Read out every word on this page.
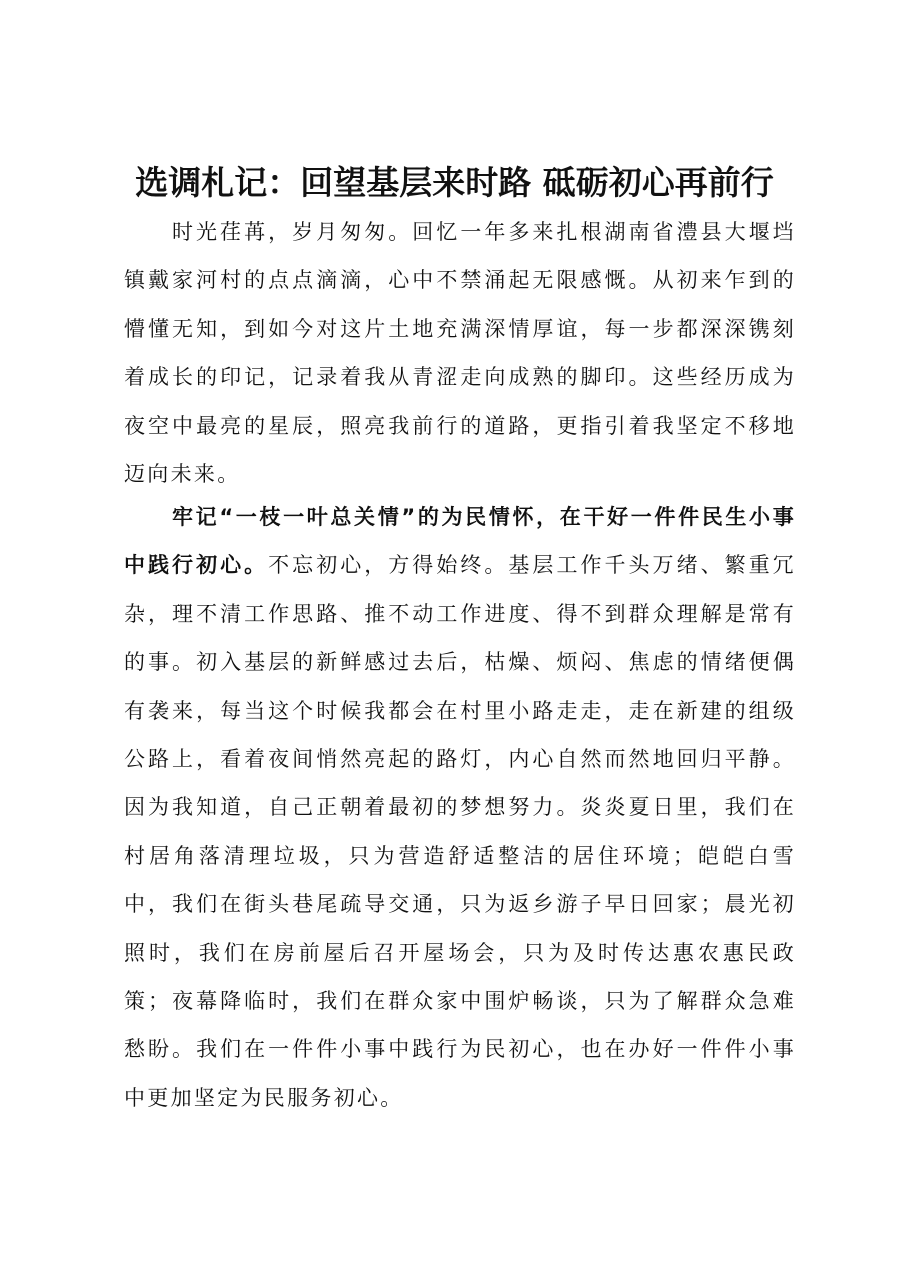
选调札记：回望基层来时路 砥砺初心再前行

时光荏苒，岁月匆匆。回忆一年多来扎根湖南省澧县大堰垱镇戴家河村的点点滴滴，心中不禁涌起无限感慨。从初来乍到的懵懂无知，到如今对这片土地充满深情厚谊，每一步都深深镌刻着成长的印记，记录着我从青涩走向成熟的脚印。这些经历成为夜空中最亮的星辰，照亮我前行的道路，更指引着我坚定不移地迈向未来。

牢记“一枝一叶总关情”的为民情怀，在干好一件件民生小事中践行初心。不忘初心，方得始终。基层工作千头万绪、繁重冗杂，理不清工作思路、推不动工作进度、得不到群众理解是常有的事。初入基层的新鲜感过去后，枯燥、烦闷、焦虑的情绪便偶有袭来，每当这个时候我都会在村里小路走走，走在新建的组级公路上，看着夜间悄然亮起的路灯，内心自然而然地回归平静。因为我知道，自己正朝着最初的梦想努力。炎炎夏日里，我们在村居角落清理垃圾，只为营造舒适整洁的居住环境；皑皑白雪中，我们在街头巷尾疏导交通，只为返乡游子早日回家；晨光初照时，我们在房前屋后召开屋场会，只为及时传达惠农惠民政策；夜幕降临时，我们在群众家中围炉畅谈，只为了解群众急难愁盼。我们在一件件小事中践行为民初心，也在办好一件件小事中更加坚定为民服务初心。
